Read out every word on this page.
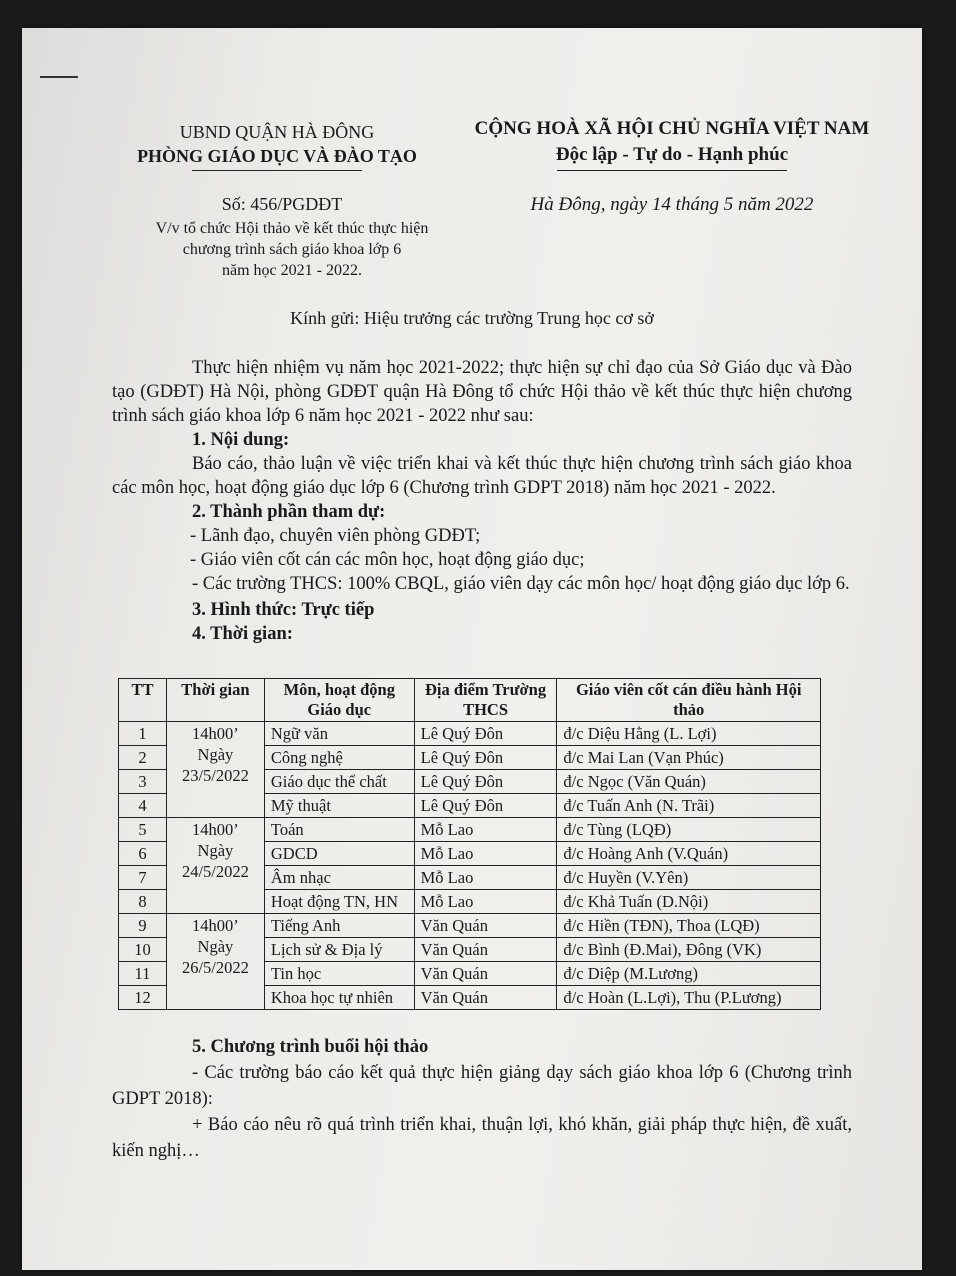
UBND QUẬN HÀ ĐÔNG
PHÒNG GIÁO DỤC VÀ ĐÀO TẠO
CỘNG HOÀ XÃ HỘI CHỦ NGHĨA VIỆT NAM
Độc lập - Tự do - Hạnh phúc
Số: 456/PGDĐT
V/v tổ chức Hội thảo về kết thúc thực hiện
chương trình sách giáo khoa lớp 6
năm học 2021 - 2022.
Hà Đông, ngày 14 tháng 5 năm 2022
Kính gửi: Hiệu trưởng các trường Trung học cơ sở

Thực hiện nhiệm vụ năm học 2021-2022; thực hiện sự chỉ đạo của Sở Giáo dục và Đào tạo (GDĐT) Hà Nội, phòng GDĐT quận Hà Đông tổ chức Hội thảo về kết thúc thực hiện chương trình sách giáo khoa lớp 6 năm học 2021 - 2022 như sau:

1. Nội dung:

Báo cáo, thảo luận về việc triển khai và kết thúc thực hiện chương trình sách giáo khoa các môn học, hoạt động giáo dục lớp 6 (Chương trình GDPT 2018) năm học 2021 - 2022.

2. Thành phần tham dự:

- Lãnh đạo, chuyên viên phòng GDĐT;

- Giáo viên cốt cán các môn học, hoạt động giáo dục;

- Các trường THCS: 100% CBQL, giáo viên dạy các môn học/ hoạt động giáo dục lớp 6.

3. Hình thức: Trực tiếp

4. Thời gian:

TT	Thời gian	Môn, hoạt động Giáo dục	Địa điểm Trường THCS	Giáo viên cốt cán điều hành Hội thảo
1	14h00’
Ngày
23/5/2022	Ngữ văn	Lê Quý Đôn	đ/c Diệu Hằng (L. Lợi)
2		Công nghệ	Lê Quý Đôn	đ/c Mai Lan (Vạn Phúc)
3		Giáo dục thể chất	Lê Quý Đôn	đ/c Ngọc (Văn Quán)
4		Mỹ thuật	Lê Quý Đôn	đ/c Tuấn Anh (N. Trãi)
5	14h00’
Ngày
24/5/2022	Toán	Mỗ Lao	đ/c Tùng (LQĐ)
6		GDCD	Mỗ Lao	đ/c Hoàng Anh (V.Quán)
7		Âm nhạc	Mỗ Lao	đ/c Huyền (V.Yên)
8		Hoạt động TN, HN	Mỗ Lao	đ/c Khả Tuấn (D.Nội)
9	14h00’
Ngày
26/5/2022	Tiếng Anh	Văn Quán	đ/c Hiền (TĐN), Thoa (LQĐ)
10		Lịch sử & Địa lý	Văn Quán	đ/c Bình (Đ.Mai), Đông (VK)
11		Tin học	Văn Quán	đ/c Diệp (M.Lương)
12		Khoa học tự nhiên	Văn Quán	đ/c Hoàn (L.Lợi), Thu (P.Lương)

5. Chương trình buổi hội thảo

- Các trường báo cáo kết quả thực hiện giảng dạy sách giáo khoa lớp 6 (Chương trình GDPT 2018):

+ Báo cáo nêu rõ quá trình triển khai, thuận lợi, khó khăn, giải pháp thực hiện, đề xuất, kiến nghị…
